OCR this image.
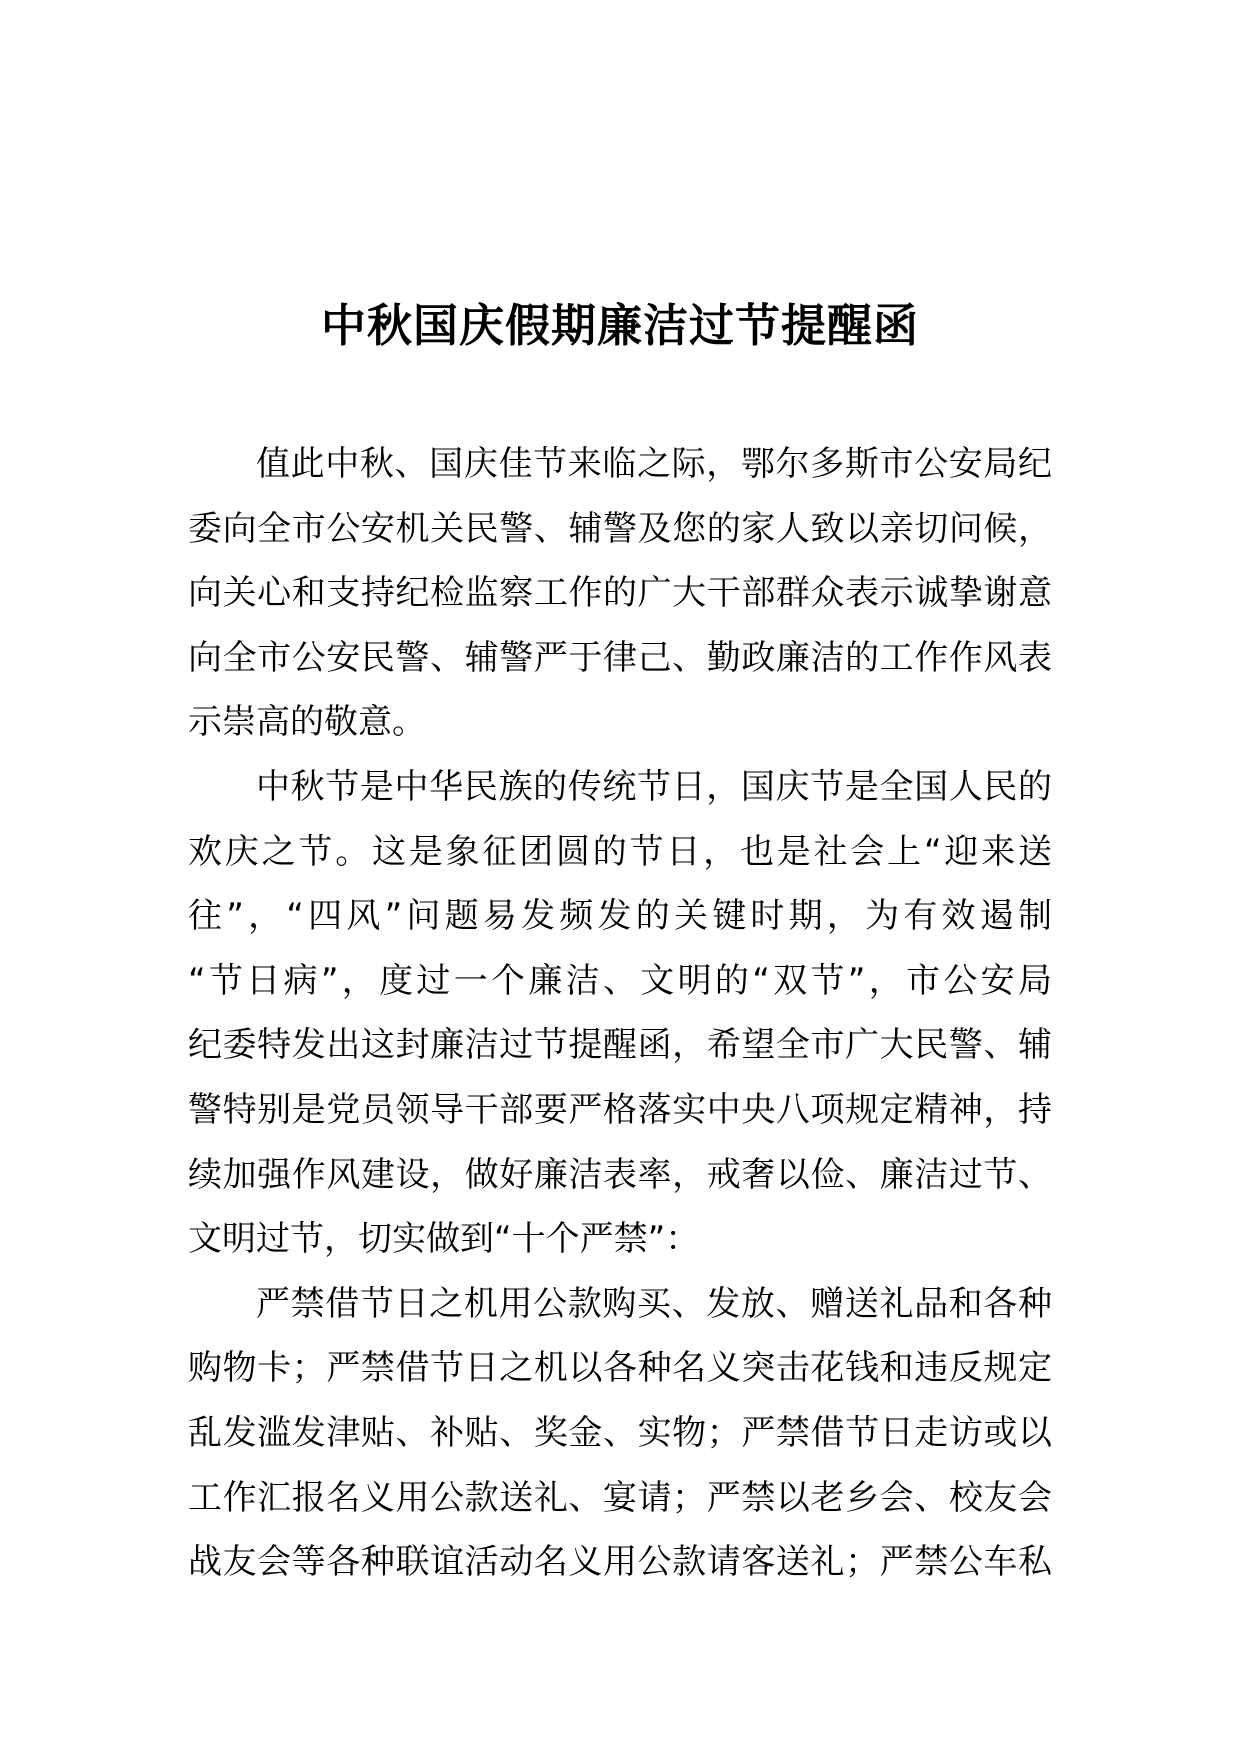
中秋国庆假期廉洁过节提醒函
值此中秋、国庆佳节来临之际，鄂尔多斯市公安局纪
委向全市公安机关民警、辅警及您的家人致以亲切问候，
向关心和支持纪检监察工作的广大干部群众表示诚挚谢意
向全市公安民警、辅警严于律己、勤政廉洁的工作作风表
示崇高的敬意。
中秋节是中华民族的传统节日，国庆节是全国人民的
欢庆之节。这是象征团圆的节日，也是社会上“迎来送
往”，“四风”问题易发频发的关键时期，为有效遏制
“节日病”，度过一个廉洁、文明的“双节”，市公安局
纪委特发出这封廉洁过节提醒函，希望全市广大民警、辅
警特别是党员领导干部要严格落实中央八项规定精神，持
续加强作风建设，做好廉洁表率，戒奢以俭、廉洁过节、
文明过节，切实做到“十个严禁”：
严禁借节日之机用公款购买、发放、赠送礼品和各种
购物卡；严禁借节日之机以各种名义突击花钱和违反规定
乱发滥发津贴、补贴、奖金、实物；严禁借节日走访或以
工作汇报名义用公款送礼、宴请；严禁以老乡会、校友会
战友会等各种联谊活动名义用公款请客送礼；严禁公车私
